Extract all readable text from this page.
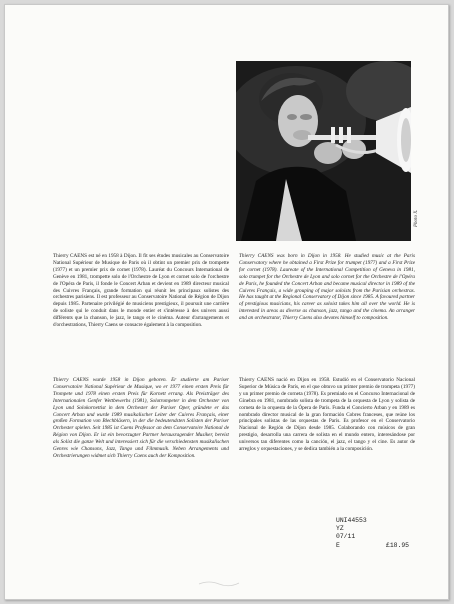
Photo X.

Thierry CAENS est né en 1958 à Dijon. Il fit ses études musicales au Conservatoire National Supérieur de Musique de Paris où il obtint un premier prix de trompette (1977) et un premier prix de cornet (1978). Lauréat du Concours International de Genève en 1981, trompette solo de l'Orchestre de Lyon et cornet solo de l'orchestre de l'Opéra de Paris, il fonde le Concert Arban et devient en 1989 directeur musical des Cuivres Français, grande formation qui réunit les principaux solistes des orchestres parisiens. Il est professeur au Conservatoire National de Région de Dijon depuis 1985. Partenaire privilégié de musiciens prestigieux, il poursuit une carrière de soliste qui le conduit dans le monde entier et s'intéresse à des univers aussi différents que la chanson, le jazz, le tango et le cinéma. Auteur d'arrangements et d'orchestrations, Thierry Caens se consacre également à la composition.

Thierry CAENS was born in Dijon in 1958. He studied music at the Paris Conservatory where he obtained a First Prize for trumpet (1977) and a First Prize for cornet (1978). Laureate of the International Competition of Geneva in 1981, solo trumpet for the Orchestre de Lyon and solo cornet for the Orchestre de l'Opéra de Paris, he founded the Concert Arban and became musical director in 1989 of the Cuivres Français, a wide grouping of major soloists from the Parisian orchestras. He has taught at the Regional Conservatory of Dijon since 1985. A favoured partner of prestigious musicians, his career as soloist takes him all over the world. He is interested in areas as diverse as chanson, jazz, tango and the cinema. An arranger and an orchestrator, Thierry Caens also devotes himself to composition.

Thierry CAENS wurde 1958 in Dijon geboren. Er studierte am Pariser Conservatoire National Supérieur de Musique, wo er 1977 einen ersten Preis für Trompete und 1978 einen ersten Preis für Kornett errang. Als Preisträger des Internationalen Genfer Wettbewerbs (1981), Solotrompeter in dem Orchester von Lyon und Solokornettist in dem Orchester der Pariser Oper, gründete er das Concert Arban und wurde 1989 musikalischer Leiter der Cuivres Français, einer großen Formation von Blechbläsern, in der die bedeutendsten Solisten der Pariser Orchester spielen. Seit 1985 ist Caens Professor an dem Conservatoire National de Région von Dijon. Er ist ein bevorzugter Partner herausragender Musiker, bereist als Solist die ganze Welt und interessiert sich für die verschiedensten musikalischen Genres wie Chansons, Jazz, Tango und Filmmusik. Neben Arrangements und Orchestrierungen widmet sich Thierry Caens auch der Komposition.

Thierry CAENS nació en Dijon en 1958. Estudió en el Conservatorio Nacional Superior de Música de París, en el que obtuvo un primer premio de trompeta (1977) y un primer premio de corneta (1978). Es premiado en el Concurso Internacional de Ginebra en 1981, nombrado solista de trompeta de la orquesta de Lyon y solista de corneta de la orquesta de la Ópera de París. Funda el Concierto Arban y en 1989 es nombrado director musical de la gran formación Cobres franceses, que reúne los principales solistas de las orquestas de París. Es profesor en el Conservatorio Nacional de Región de Dijon desde 1985. Colaborando con músicos de gran prestigio, desarrolla una carrera de solista en el mundo entero, interesándose por universos tan diferentes como la canción, el jazz, el tango y el cine. Es autor de arreglos y orquestaciones, y se dedica también a la composición.

UNI44553
YZ
07/11
E	£18.95
